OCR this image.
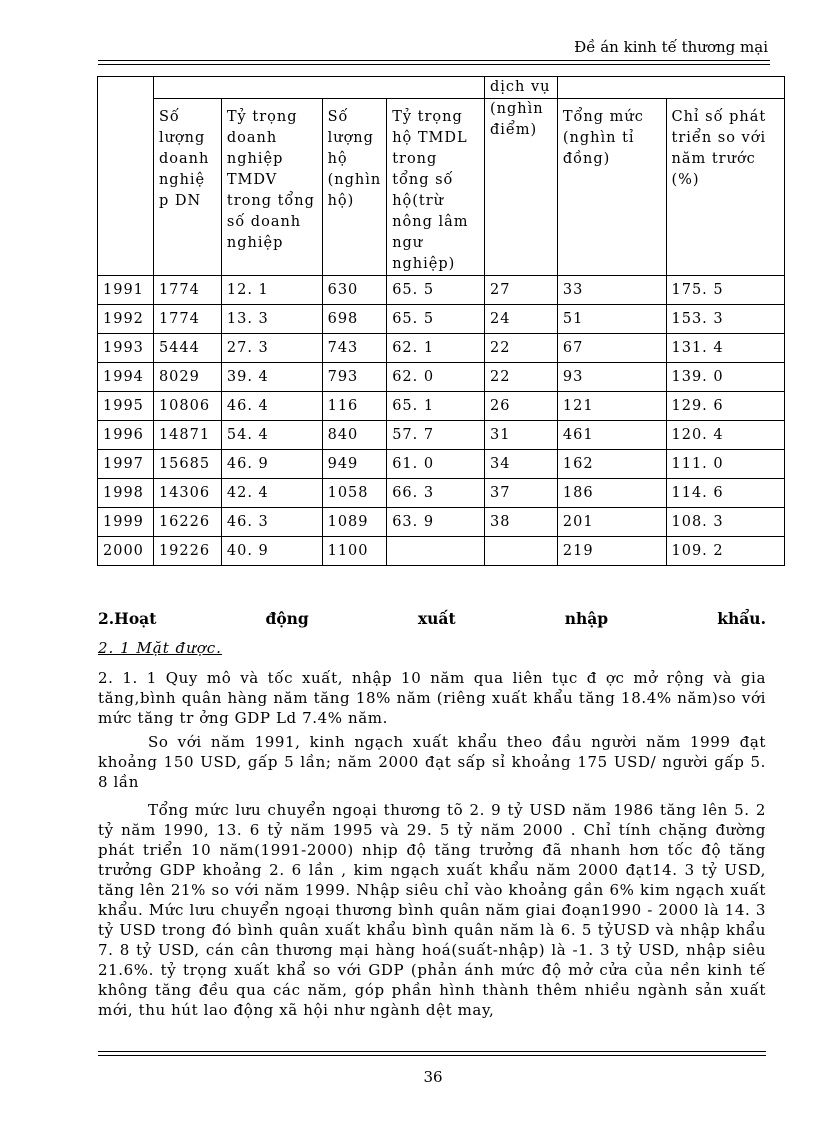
Đề án kinh tế thương mại
					dịch vụ		
	Số lượng doanh nghiệ p DN	Tỷ trọng doanh nghiệp TMDV trong tổng số doanh nghiệp	Số lượng hộ (nghìn hộ)	Tỷ trọng hộ TMDL trong tổng số hộ(trừ nông lâm ngư nghiệp)	(nghìn điểm)	Tổng mức (nghìn tỉ đồng)	Chỉ số phát triển so với năm trước (%)
1991	1774	12. 1	630	65. 5	27	33	175. 5
1992	1774	13. 3	698	65. 5	24	51	153. 3
1993	5444	27. 3	743	62. 1	22	67	131. 4
1994	8029	39. 4	793	62. 0	22	93	139. 0
1995	10806	46. 4	116	65. 1	26	121	129. 6
1996	14871	54. 4	840	57. 7	31	461	120. 4
1997	15685	46. 9	949	61. 0	34	162	111. 0
1998	14306	42. 4	1058	66. 3	37	186	114. 6
1999	16226	46. 3	1089	63. 9	38	201	108. 3
2000	19226	40. 9	1100			219	109. 2
2.Hoạt	động	xuất	nhập	khẩu.
2. 1 Mặt được.

2. 1. 1 Quy mô và tốc xuất, nhập 10 năm qua liên tục đ ợc mở rộng và gia tăng,bình quân hàng năm tăng 18% năm (riêng xuất khẩu tăng 18.4% năm)so với mức tăng tr ởng GDP Ld 7.4% năm.

So với năm 1991, kinh ngạch xuất khẩu theo đầu người năm 1999 đạt khoảng 150 USD, gấp 5 lần; năm 2000 đạt sấp sỉ khoảng 175 USD/ người gấp 5. 8 lần

Tổng mức lưu chuyển ngoại thương tõ 2. 9 tỷ USD năm 1986 tăng lên 5. 2 tỷ năm 1990, 13. 6 tỷ năm 1995 và 29. 5 tỷ năm 2000 . Chỉ tính chặng đường phát triển 10 năm(1991-2000) nhịp độ tăng trưởng đã nhanh hơn tốc độ tăng trưởng GDP khoảng 2. 6 lần , kim ngạch xuất khẩu năm 2000 đạt14. 3 tỷ USD, tăng lên 21% so với năm 1999. Nhập siêu chỉ vào khoảng gần 6% kim ngạch xuất khẩu. Mức lưu chuyển ngoại thương bình quân năm giai đoạn1990 - 2000 là 14. 3 tỷ USD trong đó bình quân xuất khẩu bình quân năm là 6. 5 tỷUSD và nhập khẩu 7. 8 tỷ USD, cán cân thương mại hàng hoá(suất-nhập) là -1. 3 tỷ USD, nhập siêu 21.6%. tỷ trọng xuất khẩ so với GDP (phản ánh mức độ mở cửa của nền kinh tế không tăng đều qua các năm, góp phần hình thành thêm nhiều ngành sản xuất mới, thu hút lao động xã hội như ngành dệt may,

36
